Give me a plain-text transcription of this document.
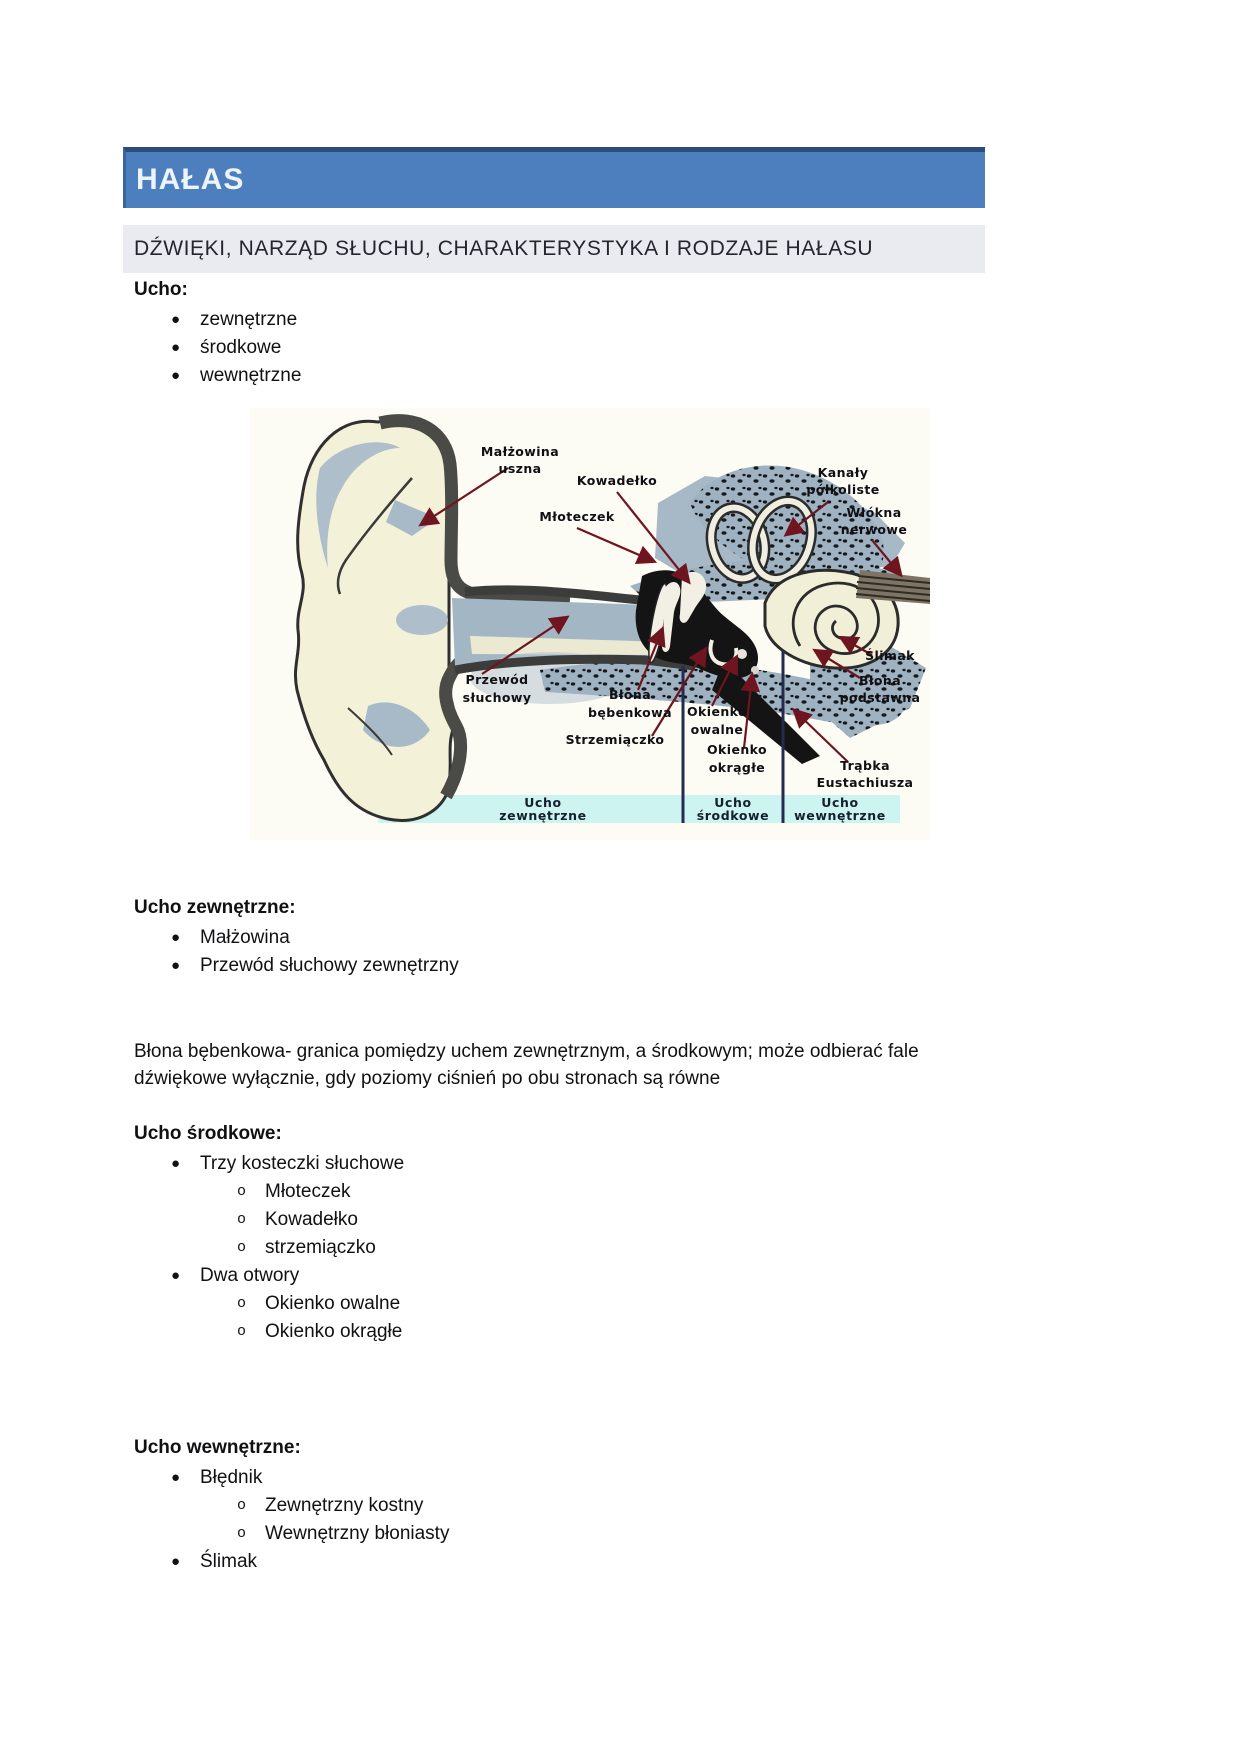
HAŁAS
DŹWIĘKI, NARZĄD SŁUCHU, CHARAKTERYSTYKA I RODZAJE HAŁASU
Ucho:
●	zewnętrzne
●	środkowe
●	wewnętrzne
Małżowina
uszna
Kowadełko
Młoteczek
Kanały
półkoliste
Włókna
nerwowe
Przewód
słuchowy	Błona
bębenkowa
Strzemiączko
Okienko
owalne
Okienko
okrągłe
Ślimak
Błona
podstawna
Trąbka
Eustachiusza
Ucho
zewnętrzne
Ucho
środkowe
Ucho
wewnętrzne
Ucho zewnętrzne:
●	Małżowina
●	Przewód słuchowy zewnętrzny
Błona bębenkowa- granica pomiędzy uchem zewnętrznym, a środkowym; może odbierać fale dźwiękowe wyłącznie, gdy poziomy ciśnień po obu stronach są równe
Ucho środkowe:
●	Trzy kosteczki słuchowe
o Młoteczek
o Kowadełko
o strzemiączko
●	Dwa otwory
o Okienko owalne
o Okienko okrągłe
Ucho wewnętrzne:
●	Błędnik
o Zewnętrzny kostny
o Wewnętrzny błoniasty
●	Ślimak
